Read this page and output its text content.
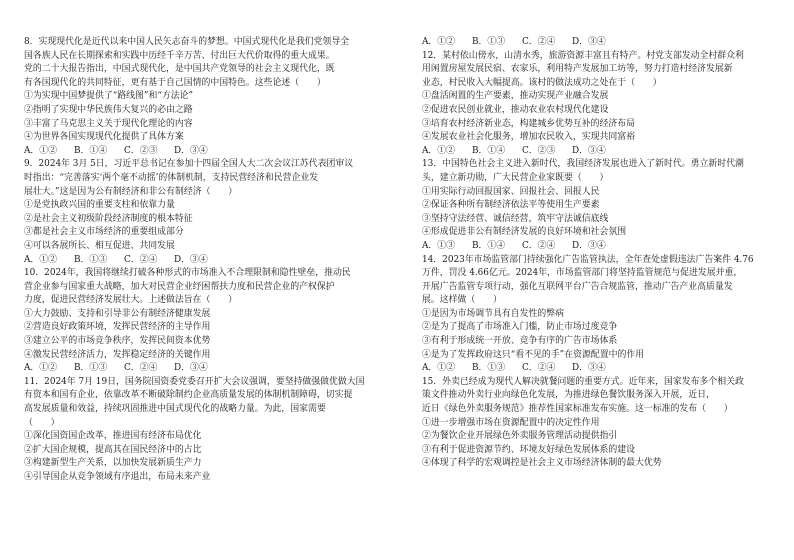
8．实现现代化是近代以来中国人民矢志奋斗的梦想。中国式现代化是我们党领导全
国各族人民在长期探索和实践中历经千辛万苦、付出巨大代价取得的重大成果。
党的二十大报告指出，中国式现代化，是中国共产党领导的社会主义现代化，既
有各国现代化的共同特征，更有基于自己国情的中国特色。这些论述（　　）
①为实现中国梦提供了“路线图”和“方法论”
②指明了实现中华民族伟大复兴的必由之路
③丰富了马克思主义关于现代化理论的内容
④为世界各国实现现代化提供了具体方案
A．①②	B．①④	C．②③	D．③④
9．2024年 3月 5日，习近平总书记在参加十四届全国人大二次会议江苏代表团审议
时指出：“完善落实‘两个毫不动摇’的体制机制，支持民营经济和民营企业发
展壮大。”这是因为公有制经济和非公有制经济（　　）
①是党执政兴国的重要支柱和依靠力量
②是社会主义初级阶段经济制度的根本特征
③都是社会主义市场经济的重要组成部分
④可以各展所长、相互促进、共同发展
A．①②	B．①③	C．②④	D．③④
10．2024年，我国将继续打破各种形式的市场准入不合理限制和隐性壁垒，推动民
营企业参与国家重大战略，加大对民营企业纾困帮扶力度和民营企业的产权保护
力度，促进民营经济发展壮大。上述做法旨在（　　）
①大力鼓励、支持和引导非公有制经济健康发展
②营造良好政策环境，发挥民营经济的主导作用
③建立公平的市场竞争秩序，发挥民间资本优势
④激发民营经济活力，发挥稳定经济的关键作用
A．①②	B．①③	C．②④	D．③④
11．2024年 7月 19日，国务院国资委党委召开扩大会议强调，要坚持做强做优做大国
有资本和国有企业，依靠改革不断破除制约企业高质量发展的体制机制障碍，切实提
高发展质量和效益，持续巩固推进中国式现代化的战略力量。为此，国家需要
（　　）
①深化国资国企改革，推进国有经济布局优化
②扩大国企规模，提高其在国民经济中的占比
③构建新型生产关系，以加快发展新质生产力
④引导国企从竞争领域有序退出，布局未来产业
A．①②	B．①③	C．②④	D．③④
12．某村依山傍水，山清水秀，旅游资源丰富且有特产。村党支部发动全村群众利
用闲置房屋发展民宿、农家乐，利用特产发展加工坊等，努力打造村经济发展新
业态，村民收入大幅提高。该村的做法成功之处在于（　　）
①盘活闲置的生产要素，推动实现产业融合发展
②促进农民创业就业，推动农业农村现代化建设
③培育农村经济新业态，构建城乡优势互补的经济布局
④发展农业社会化服务，增加农民收入，实现共同富裕
A．①②	B．①④	C．②③	D．③④
13．中国特色社会主义进入新时代，我国经济发展也进入了新时代。勇立新时代潮
头，建立新功勋，广大民营企业家既要（　　）
①用实际行动回报国家、回报社会、回报人民
②保证各种所有制经济依法平等使用生产要素
③坚持守法经营、诚信经营，筑牢守法诚信底线
④形成促进非公有制经济发展的良好环境和社会氛围
A．①③	B．①④	C．②④	D．③④
14．2023年市场监管部门持续强化广告监管执法，全年查处虚假违法广告案件 4.76
万件，罚没 4.66亿元。2024年，市场监管部门将坚持监管规范与促进发展并重，
开展广告监管专项行动，强化互联网平台广告合规监管，推动广告产业高质量发
展。这样做（　　）
①是因为市场调节具有自发性的弊病
②是为了提高了市场准入门槛，防止市场过度竞争
③有利于形成统一开放、竞争有序的广告市场体系
④是为了发挥政府这只“看不见的手”在资源配置中的作用
A．①②	B．①③	C．②④	D．③④
15．外卖已经成为现代人解决就餐问题的重要方式。近年来，国家发布多个相关政
策文件推动外卖行业向绿色化发展，为推进绿色餐饮服务深入开展，近日，
近日《绿色外卖服务规范》推荐性国家标准发布实施。这一标准的发布（　　）
①进一步增强市场在资源配置中的决定性作用
②为餐饮企业开展绿色外卖服务管理活动提供指引
③有利于促进资源节约、环境友好绿色发展体系的建设
④体现了科学的宏观调控是社会主义市场经济体制的最大优势
